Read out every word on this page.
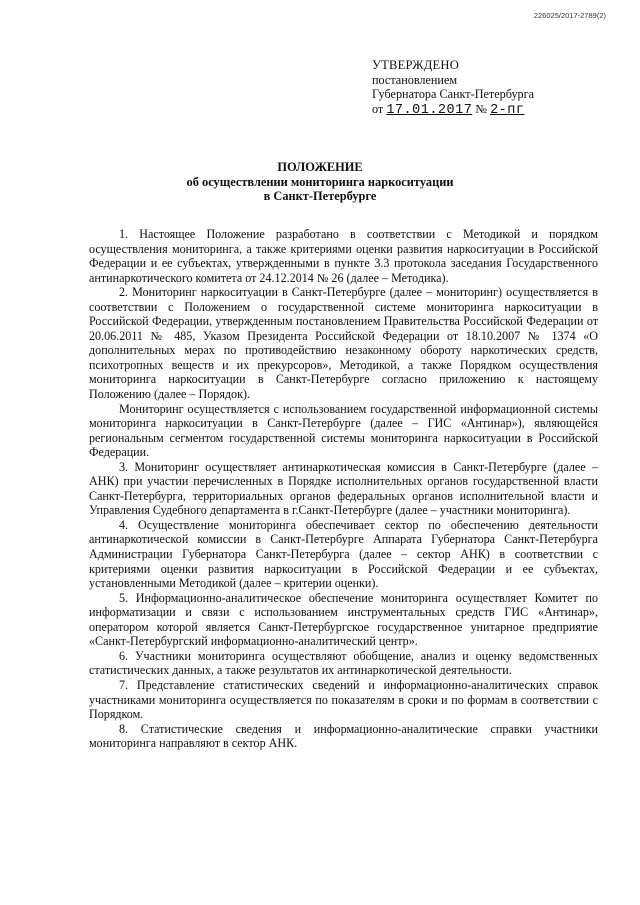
226025/2017-2789(2)
УТВЕРЖДЕНО
постановлением
Губернатора Санкт-Петербурга
от 17.01.2017 № 2-пг
ПОЛОЖЕНИЕ
об осуществлении мониторинга наркоситуации
в Санкт-Петербурге

1. Настоящее Положение разработано в соответствии с Методикой и порядком осуществления мониторинга, а также критериями оценки развития наркоситуации в Российской Федерации и ее субъектах, утвержденными в пункте 3.3 протокола заседания Государственного антинаркотического комитета от 24.12.2014 № 26 (далее – Методика).

2. Мониторинг наркоситуации в Санкт-Петербурге (далее – мониторинг) осуществляется в соответствии с Положением о государственной системе мониторинга наркоситуации в Российской Федерации, утвержденным постановлением Правительства Российской Федерации от 20.06.2011 № 485, Указом Президента Российской Федерации от 18.10.2007 № 1374 «О дополнительных мерах по противодействию незаконному обороту наркотических средств, психотропных веществ и их прекурсоров», Методикой, а также Порядком осуществления мониторинга наркоситуации в Санкт-Петербурге согласно приложению к настоящему Положению (далее – Порядок).

Мониторинг осуществляется с использованием государственной информационной системы мониторинга наркоситуации в Санкт-Петербурге (далее – ГИС «Антинар»), являющейся региональным сегментом государственной системы мониторинга наркоситуации в Российской Федерации.

3. Мониторинг осуществляет антинаркотическая комиссия в Санкт-Петербурге (далее – АНК) при участии перечисленных в Порядке исполнительных органов государственной власти Санкт-Петербурга, территориальных органов федеральных органов исполнительной власти и Управления Судебного департамента в г.Санкт-Петербурге (далее – участники мониторинга).

4. Осуществление мониторинга обеспечивает сектор по обеспечению деятельности антинаркотической комиссии в Санкт-Петербурге Аппарата Губернатора Санкт-Петербурга Администрации Губернатора Санкт-Петербурга (далее – сектор АНК) в соответствии с критериями оценки развития наркоситуации в Российской Федерации и ее субъектах, установленными Методикой (далее – критерии оценки).

5. Информационно-аналитическое обеспечение мониторинга осуществляет Комитет по информатизации и связи с использованием инструментальных средств ГИС «Антинар», оператором которой является Санкт-Петербургское государственное унитарное предприятие «Санкт-Петербургский информационно-аналитический центр».

6. Участники мониторинга осуществляют обобщение, анализ и оценку ведомственных статистических данных, а также результатов их антинаркотической деятельности.

7. Представление статистических сведений и информационно-аналитических справок участниками мониторинга осуществляется по показателям в сроки и по формам в соответствии с Порядком.

8. Статистические сведения и информационно-аналитические справки участники мониторинга направляют в сектор АНК.
